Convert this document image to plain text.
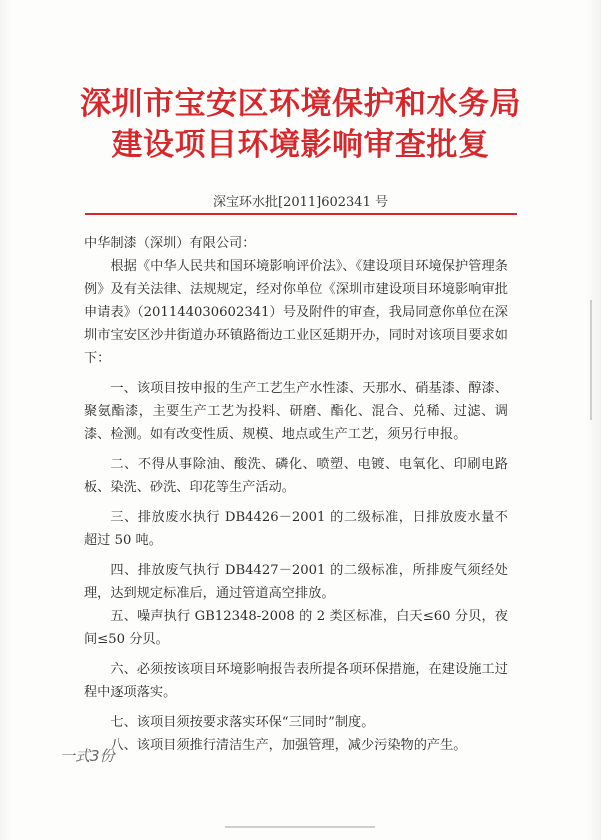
深圳市宝安区环境保护和水务局
建设项目环境影响审查批复
深宝环水批[2011]602341 号

中华制漆（深圳）有限公司：

根据《中华人民共和国环境影响评价法》、《建设项目环境保护管理条例》及有关法律、法规规定，经对你单位《深圳市建设项目环境影响审批申请表》（201144030602341）号及附件的审查，我局同意你单位在深圳市宝安区沙井街道办环镇路衙边工业区延期开办，同时对该项目要求如下：

一、该项目按申报的生产工艺生产水性漆、天那水、硝基漆、醇漆、聚氨酯漆，主要生产工艺为投料、研磨、酯化、混合、兑稀、过滤、调漆、检测。如有改变性质、规模、地点或生产工艺，须另行申报。

二、不得从事除油、酸洗、磷化、喷塑、电镀、电氧化、印刷电路板、染洗、砂洗、印花等生产活动。

三、排放废水执行 DB4426－2001 的二级标准，日排放废水量不超过 50 吨。

四、排放废气执行 DB4427－2001 的二级标准，所排废气须经处理，达到规定标准后，通过管道高空排放。

五、噪声执行 GB12348-2008 的 2 类区标准，白天≤60 分贝，夜间≤50 分贝。

六、必须按该项目环境影响报告表所提各项环保措施，在建设施工过程中逐项落实。

七、该项目须按要求落实环保“三同时”制度。

八、该项目须推行清洁生产，加强管理，减少污染物的产生。

一式3份
